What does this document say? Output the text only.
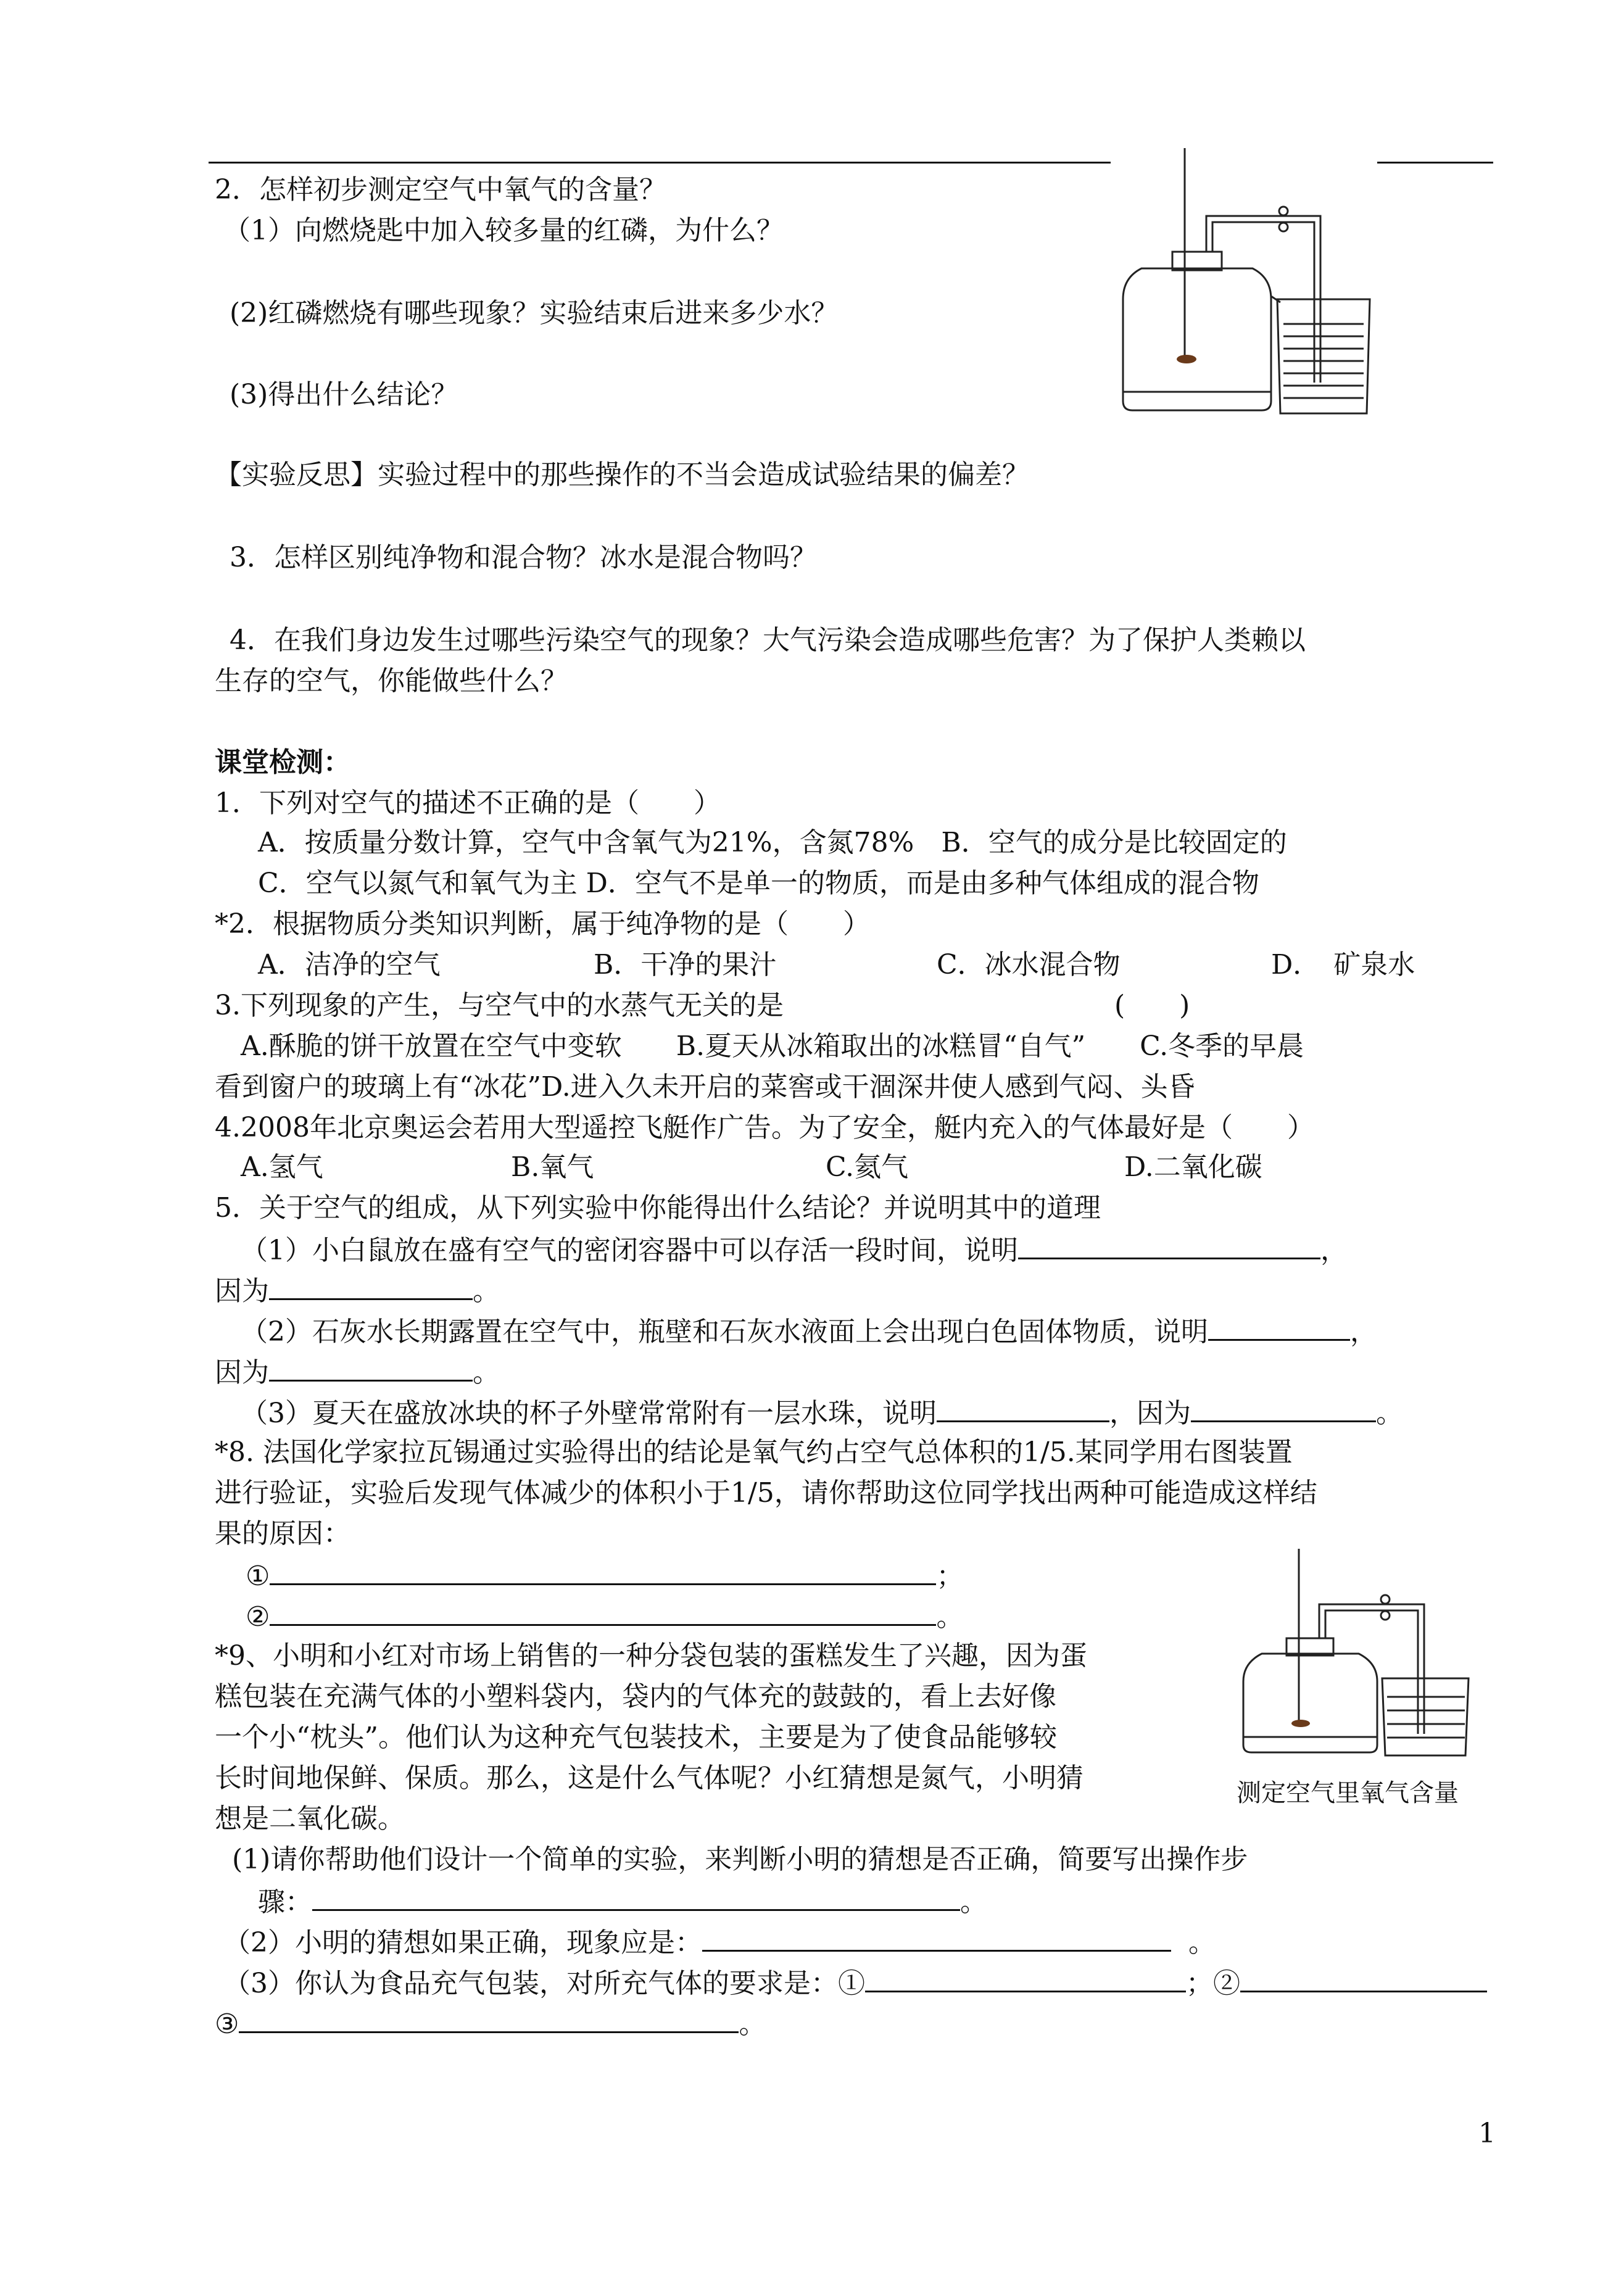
2．怎样初步测定空气中氧气的含量？
（1）向燃烧匙中加入较多量的红磷，为什么？
(2)红磷燃烧有哪些现象？实验结束后进来多少水？
(3)得出什么结论？
【实验反思】实验过程中的那些操作的不当会造成试验结果的偏差？
3．怎样区别纯净物和混合物？冰水是混合物吗？
4．在我们身边发生过哪些污染空气的现象？大气污染会造成哪些危害？为了保护人类赖以
生存的空气，你能做些什么？
课堂检测：
1．下列对空气的描述不正确的是（　　）
A．按质量分数计算，空气中含氧气为21%，含氮78%　B．空气的成分是比较固定的
C．空气以氮气和氧气为主 D．空气不是单一的物质，而是由多种气体组成的混合物
*2．根据物质分类知识判断，属于纯净物的是（　　）
A．洁净的空气	B．干净的果汁	C．冰水混合物	D．　矿泉水
3.下列现象的产生，与空气中的水蒸气无关的是	(　　)
A.酥脆的饼干放置在空气中变软　　B.夏天从冰箱取出的冰糕冒“自气”　　C.冬季的早晨
看到窗户的玻璃上有“冰花”D.进入久未开启的菜窖或干涸深井使人感到气闷、头昏
4.2008年北京奥运会若用大型遥控飞艇作广告。为了安全，艇内充入的气体最好是（　　）
A.氢气	B.氧气	C.氦气	D.二氧化碳
5．关于空气的组成，从下列实验中你能得出什么结论？并说明其中的道理
（1）小白鼠放在盛有空气的密闭容器中可以存活一段时间，说明	，
因为	。
（2）石灰水长期露置在空气中，瓶壁和石灰水液面上会出现白色固体物质，说明	，
因为	。
（3）夏天在盛放冰块的杯子外壁常常附有一层水珠，说明	，因为	。
*8. 法国化学家拉瓦锡通过实验得出的结论是氧气约占空气总体积的1/5.某同学用右图装置
进行验证，实验后发现气体减少的体积小于1/5，请你帮助这位同学找出两种可能造成这样结
果的原因：
①	；
②	。
测定空气里氧气含量
*9、小明和小红对市场上销售的一种分袋包装的蛋糕发生了兴趣，因为蛋
糕包装在充满气体的小塑料袋内，袋内的气体充的鼓鼓的，看上去好像
一个小“枕头”。他们认为这种充气包装技术，主要是为了使食品能够较
长时间地保鲜、保质。那么，这是什么气体呢？小红猜想是氮气，小明猜
想是二氧化碳。
(1)请你帮助他们设计一个简单的实验，来判断小明的猜想是否正确，简要写出操作步
骤：	。
（2）小明的猜想如果正确，现象应是：	。
（3）你认为食品充气包装，对所充气体的要求是：①	；②
③	。
1
